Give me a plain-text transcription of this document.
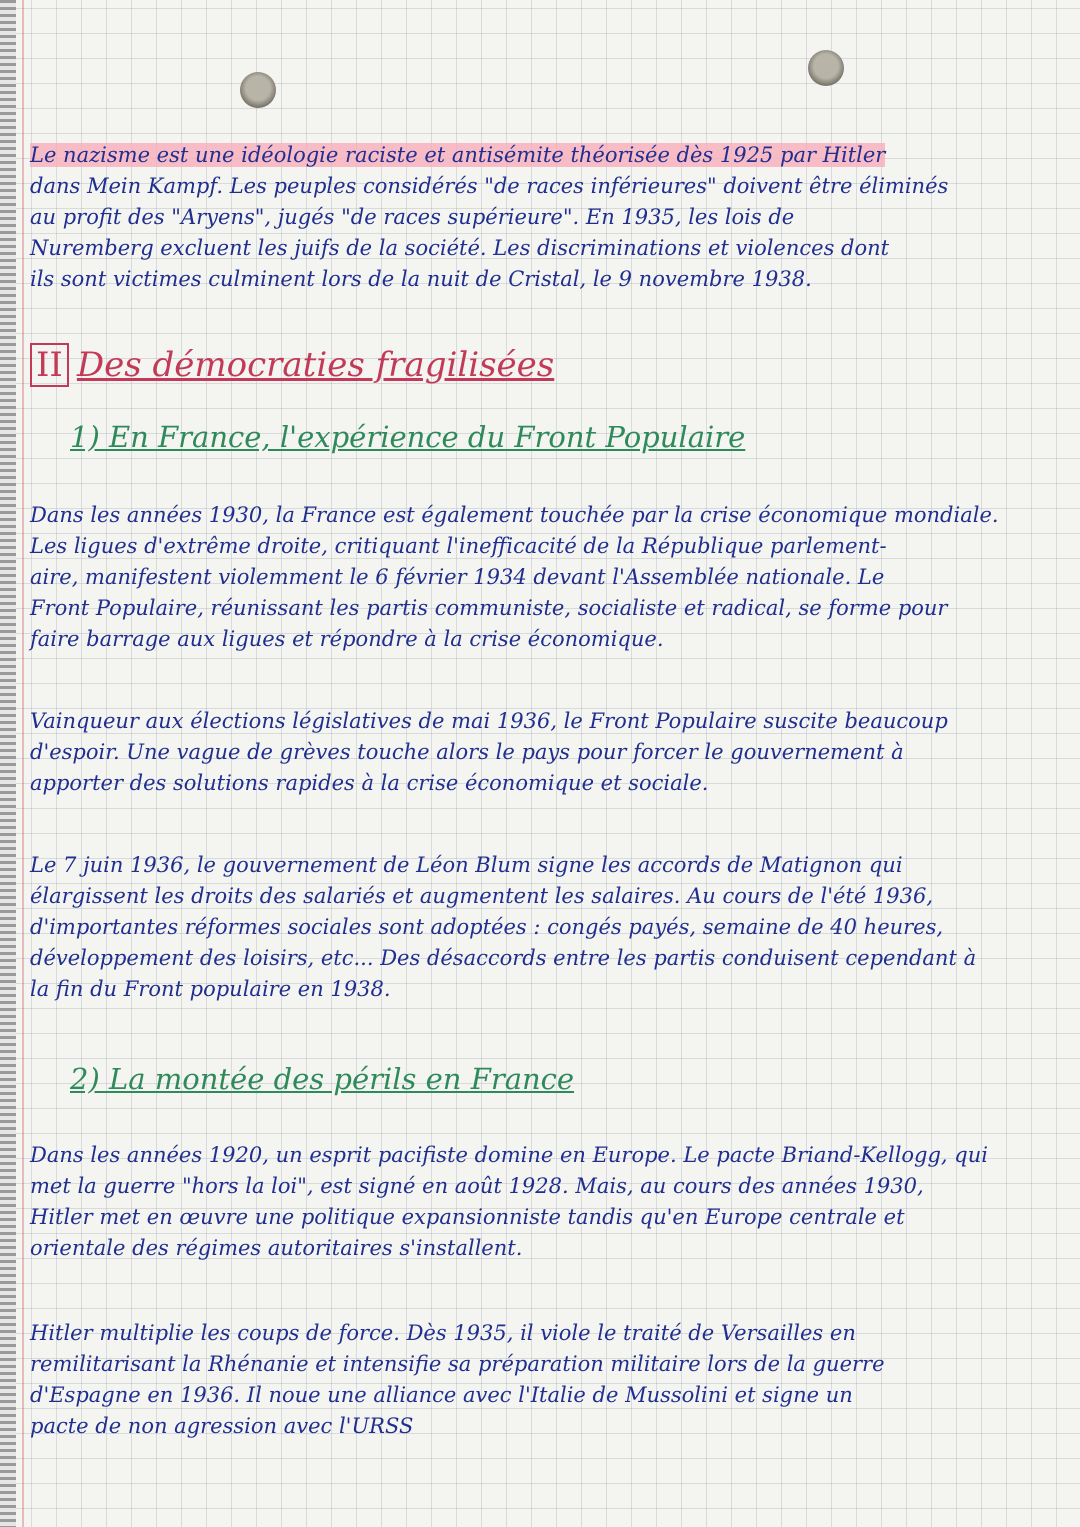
Le nazisme est une idéologie raciste et antisémite théorisée dès 1925 par Hitler
dans Mein Kampf. Les peuples considérés "de races inférieures" doivent être éliminés
au profit des "Aryens", jugés "de races supérieure". En 1935, les lois de
Nuremberg excluent les juifs de la société. Les discriminations et violences dont
ils sont victimes culminent lors de la nuit de Cristal, le 9 novembre 1938.
II Des démocraties fragilisées
1) En France, l'expérience du Front Populaire
Dans les années 1930, la France est également touchée par la crise économique mondiale.
Les ligues d'extrême droite, critiquant l'inefficacité de la République parlement-
aire, manifestent violemment le 6 février 1934 devant l'Assemblée nationale. Le
Front Populaire, réunissant les partis communiste, socialiste et radical, se forme pour
faire barrage aux ligues et répondre à la crise économique.
Vainqueur aux élections législatives de mai 1936, le Front Populaire suscite beaucoup
d'espoir. Une vague de grèves touche alors le pays pour forcer le gouvernement à
apporter des solutions rapides à la crise économique et sociale.
Le 7 juin 1936, le gouvernement de Léon Blum signe les accords de Matignon qui
élargissent les droits des salariés et augmentent les salaires. Au cours de l'été 1936,
d'importantes réformes sociales sont adoptées : congés payés, semaine de 40 heures,
développement des loisirs, etc... Des désaccords entre les partis conduisent cependant à
la fin du Front populaire en 1938.
2) La montée des périls en France
Dans les années 1920, un esprit pacifiste domine en Europe. Le pacte Briand-Kellogg, qui
met la guerre "hors la loi", est signé en août 1928. Mais, au cours des années 1930,
Hitler met en œuvre une politique expansionniste tandis qu'en Europe centrale et
orientale des régimes autoritaires s'installent.
Hitler multiplie les coups de force. Dès 1935, il viole le traité de Versailles en
remilitarisant la Rhénanie et intensifie sa préparation militaire lors de la guerre
d'Espagne en 1936. Il noue une alliance avec l'Italie de Mussolini et signe un
pacte de non agression avec l'URSS
